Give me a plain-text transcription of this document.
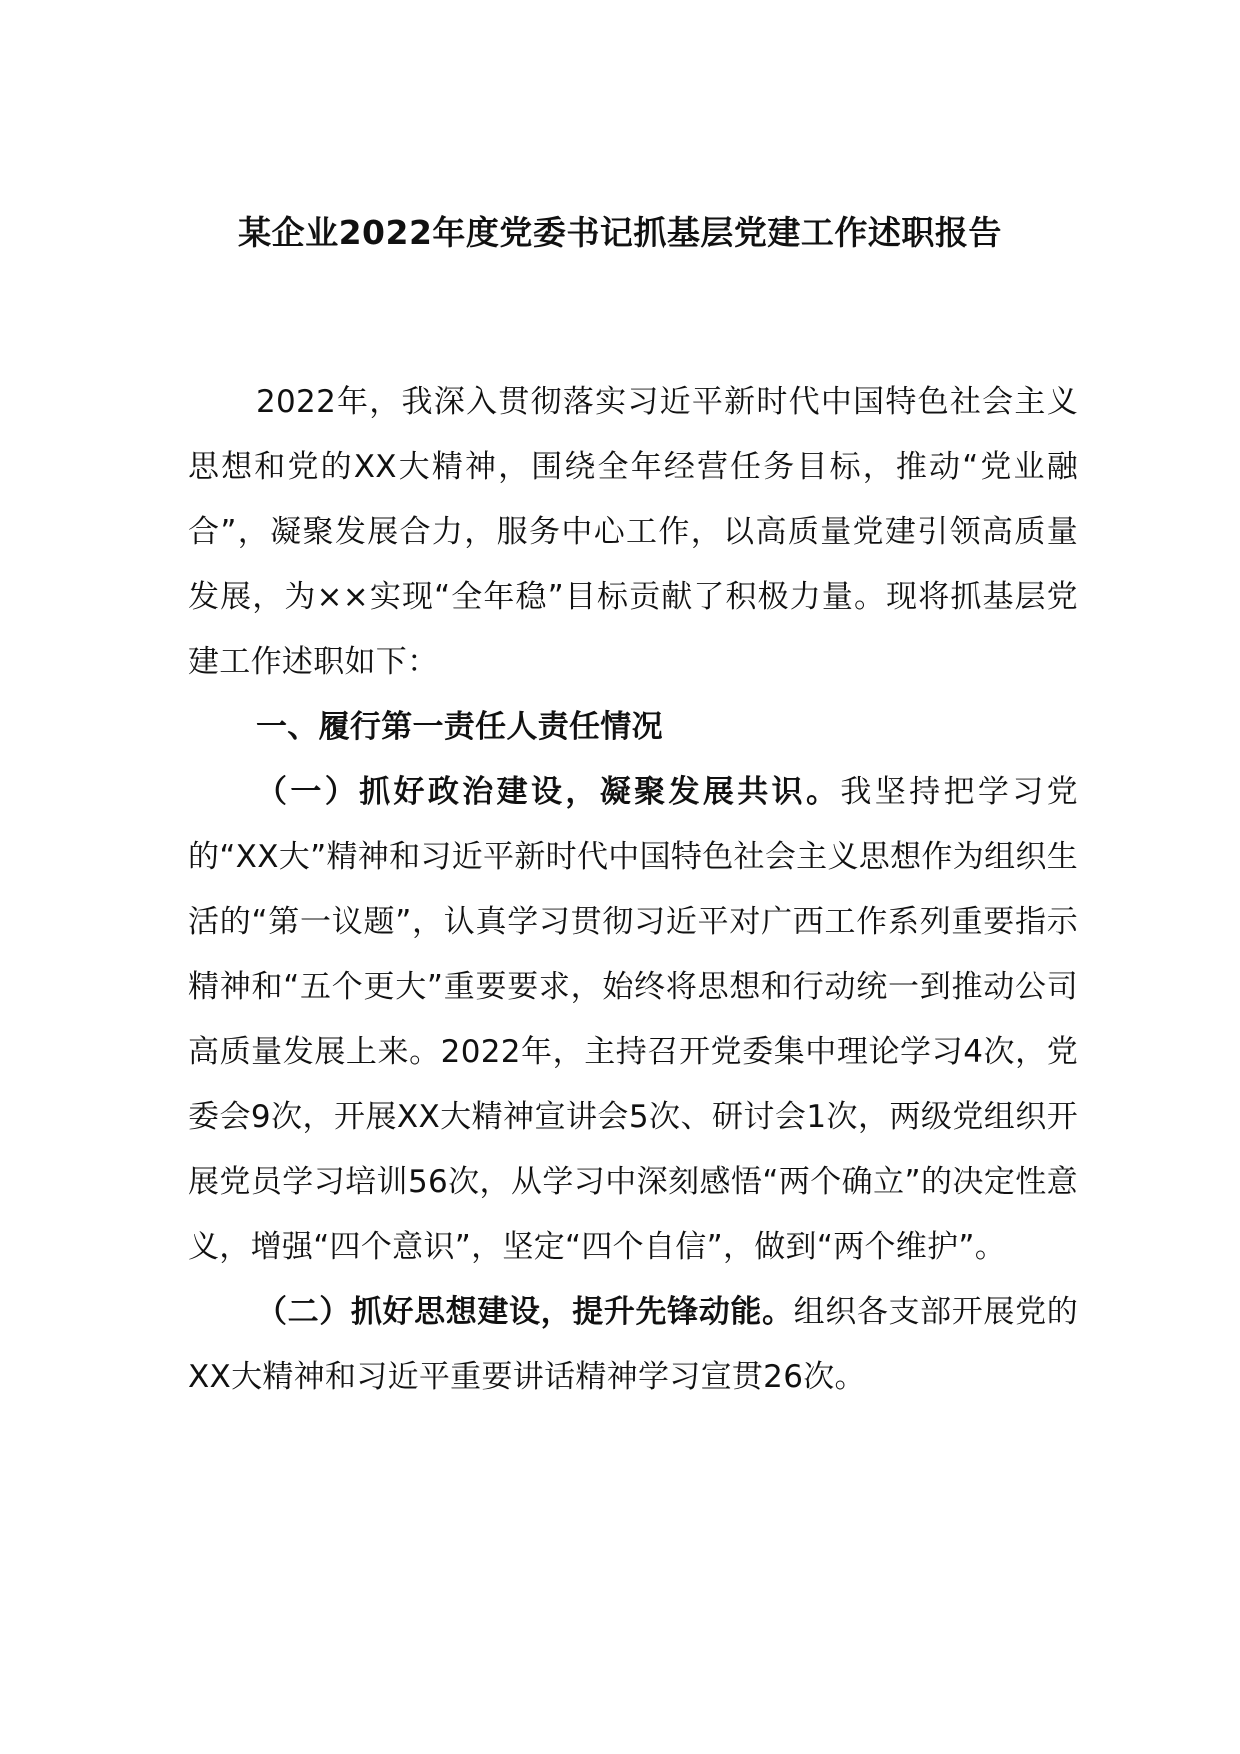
某企业2022年度党委书记抓基层党建工作述职报告

2022年，我深入贯彻落实习近平新时代中国特色社会主义思想和党的XX大精神，围绕全年经营任务目标，推动“党业融合”，凝聚发展合力，服务中心工作，以高质量党建引领高质量发展，为××实现“全年稳”目标贡献了积极力量。现将抓基层党建工作述职如下：

一、履行第一责任人责任情况

（一）抓好政治建设，凝聚发展共识。我坚持把学习党的“XX大”精神和习近平新时代中国特色社会主义思想作为组织生活的“第一议题”，认真学习贯彻习近平对广西工作系列重要指示精神和“五个更大”重要要求，始终将思想和行动统一到推动公司高质量发展上来。2022年，主持召开党委集中理论学习4次，党委会9次，开展XX大精神宣讲会5次、研讨会1次，两级党组织开展党员学习培训56次，从学习中深刻感悟“两个确立”的决定性意义，增强“四个意识”，坚定“四个自信”，做到“两个维护”。

（二）抓好思想建设，提升先锋动能。组织各支部开展党的XX大精神和习近平重要讲话精神学习宣贯26次。
